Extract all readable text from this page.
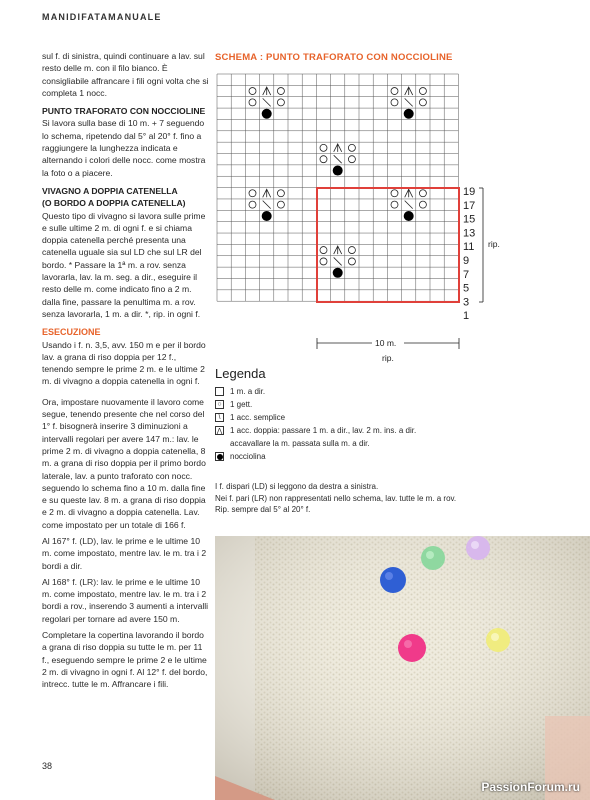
MANIDIFATAMANUALE

sul f. di sinistra, quindi continuare a lav. sul resto delle m. con il filo bianco. È consigliabile affrancare i fili ogni volta che si completa 1 nocc.

PUNTO TRAFORATO CON NOCCIOLINE

Si lavora sulla base di 10 m. + 7 seguendo lo schema, ripetendo dal 5° al 20° f. fino a raggiungere la lunghezza indicata e alternando i colori delle nocc. come mostra la foto o a piacere.

VIVAGNO A DOPPIA CATENELLA
(O BORDO A DOPPIA CATENELLA)

Questo tipo di vivagno si lavora sulle prime e sulle ultime 2 m. di ogni f. e si chiama doppia catenella perché presenta una catenella uguale sia sul LD che sul LR del bordo. * Passare la 1ª m. a rov. senza lavorarla, lav. la m. seg. a dir., eseguire il resto delle m. come indicato fino a 2 m. dalla fine, passare la penultima m. a rov. senza lavorarla, 1 m. a dir. *, rip. in ogni f.

ESECUZIONE

Usando i f. n. 3,5, avv. 150 m e per il bordo lav. a grana di riso doppia per 12 f., tenendo sempre le prime 2 m. e le ultime 2 m. di vivagno a doppia catenella in ogni f.

Ora, impostare nuovamente il lavoro come segue, tenendo presente che nel corso del 1° f. bisognerà inserire 3 diminuzioni a intervalli regolari per avere 147 m.: lav. le prime 2 m. di vivagno a doppia catenella, 8 m. a grana di riso doppia per il primo bordo laterale, lav. a punto traforato con nocc. seguendo lo schema fino a 10 m. dalla fine e su queste lav. 8 m. a grana di riso doppia e 2 m. di vivagno a doppia catenella. Lav. come impostato per un totale di 166 f.

Al 167° f. (LD), lav. le prime e le ultime 10 m. come impostato, mentre lav. le m. tra i 2 bordi a dir.

Al 168° f. (LR): lav. le prime e le ultime 10 m. come impostato, mentre lav. le m. tra i 2 bordi a rov., inserendo 3 aumenti a intervalli regolari per tornare ad avere 150 m.

Completare la copertina lavorando il bordo a grana di riso doppia su tutte le m. per 11 f., eseguendo sempre le prime 2 e le ultime 2 m. di vivagno in ogni f. Al 12° f. del bordo, intrecc. tutte le m. Affrancare i fili.

38
SCHEMA : PUNTO TRAFORATO CON NOCCIOLINE
19
17
15
13
11
9
7
5
3
1
rip.
10 m.
rip.
Legenda
1 m. a dir.
○ 1 gett.
\	1 acc. semplice
⋀ 1 acc. doppia: passare 1 m. a dir., lav. 2 m. ins. a dir.
accavallare la m. passata sulla m. a dir.
nocciolina
I f. dispari (LD) si leggono da destra a sinistra.
Nei f. pari (LR) non rappresentati nello schema, lav. tutte le m. a rov.
Rip. sempre dal 5° al 20° f.
PassionForum.ru
